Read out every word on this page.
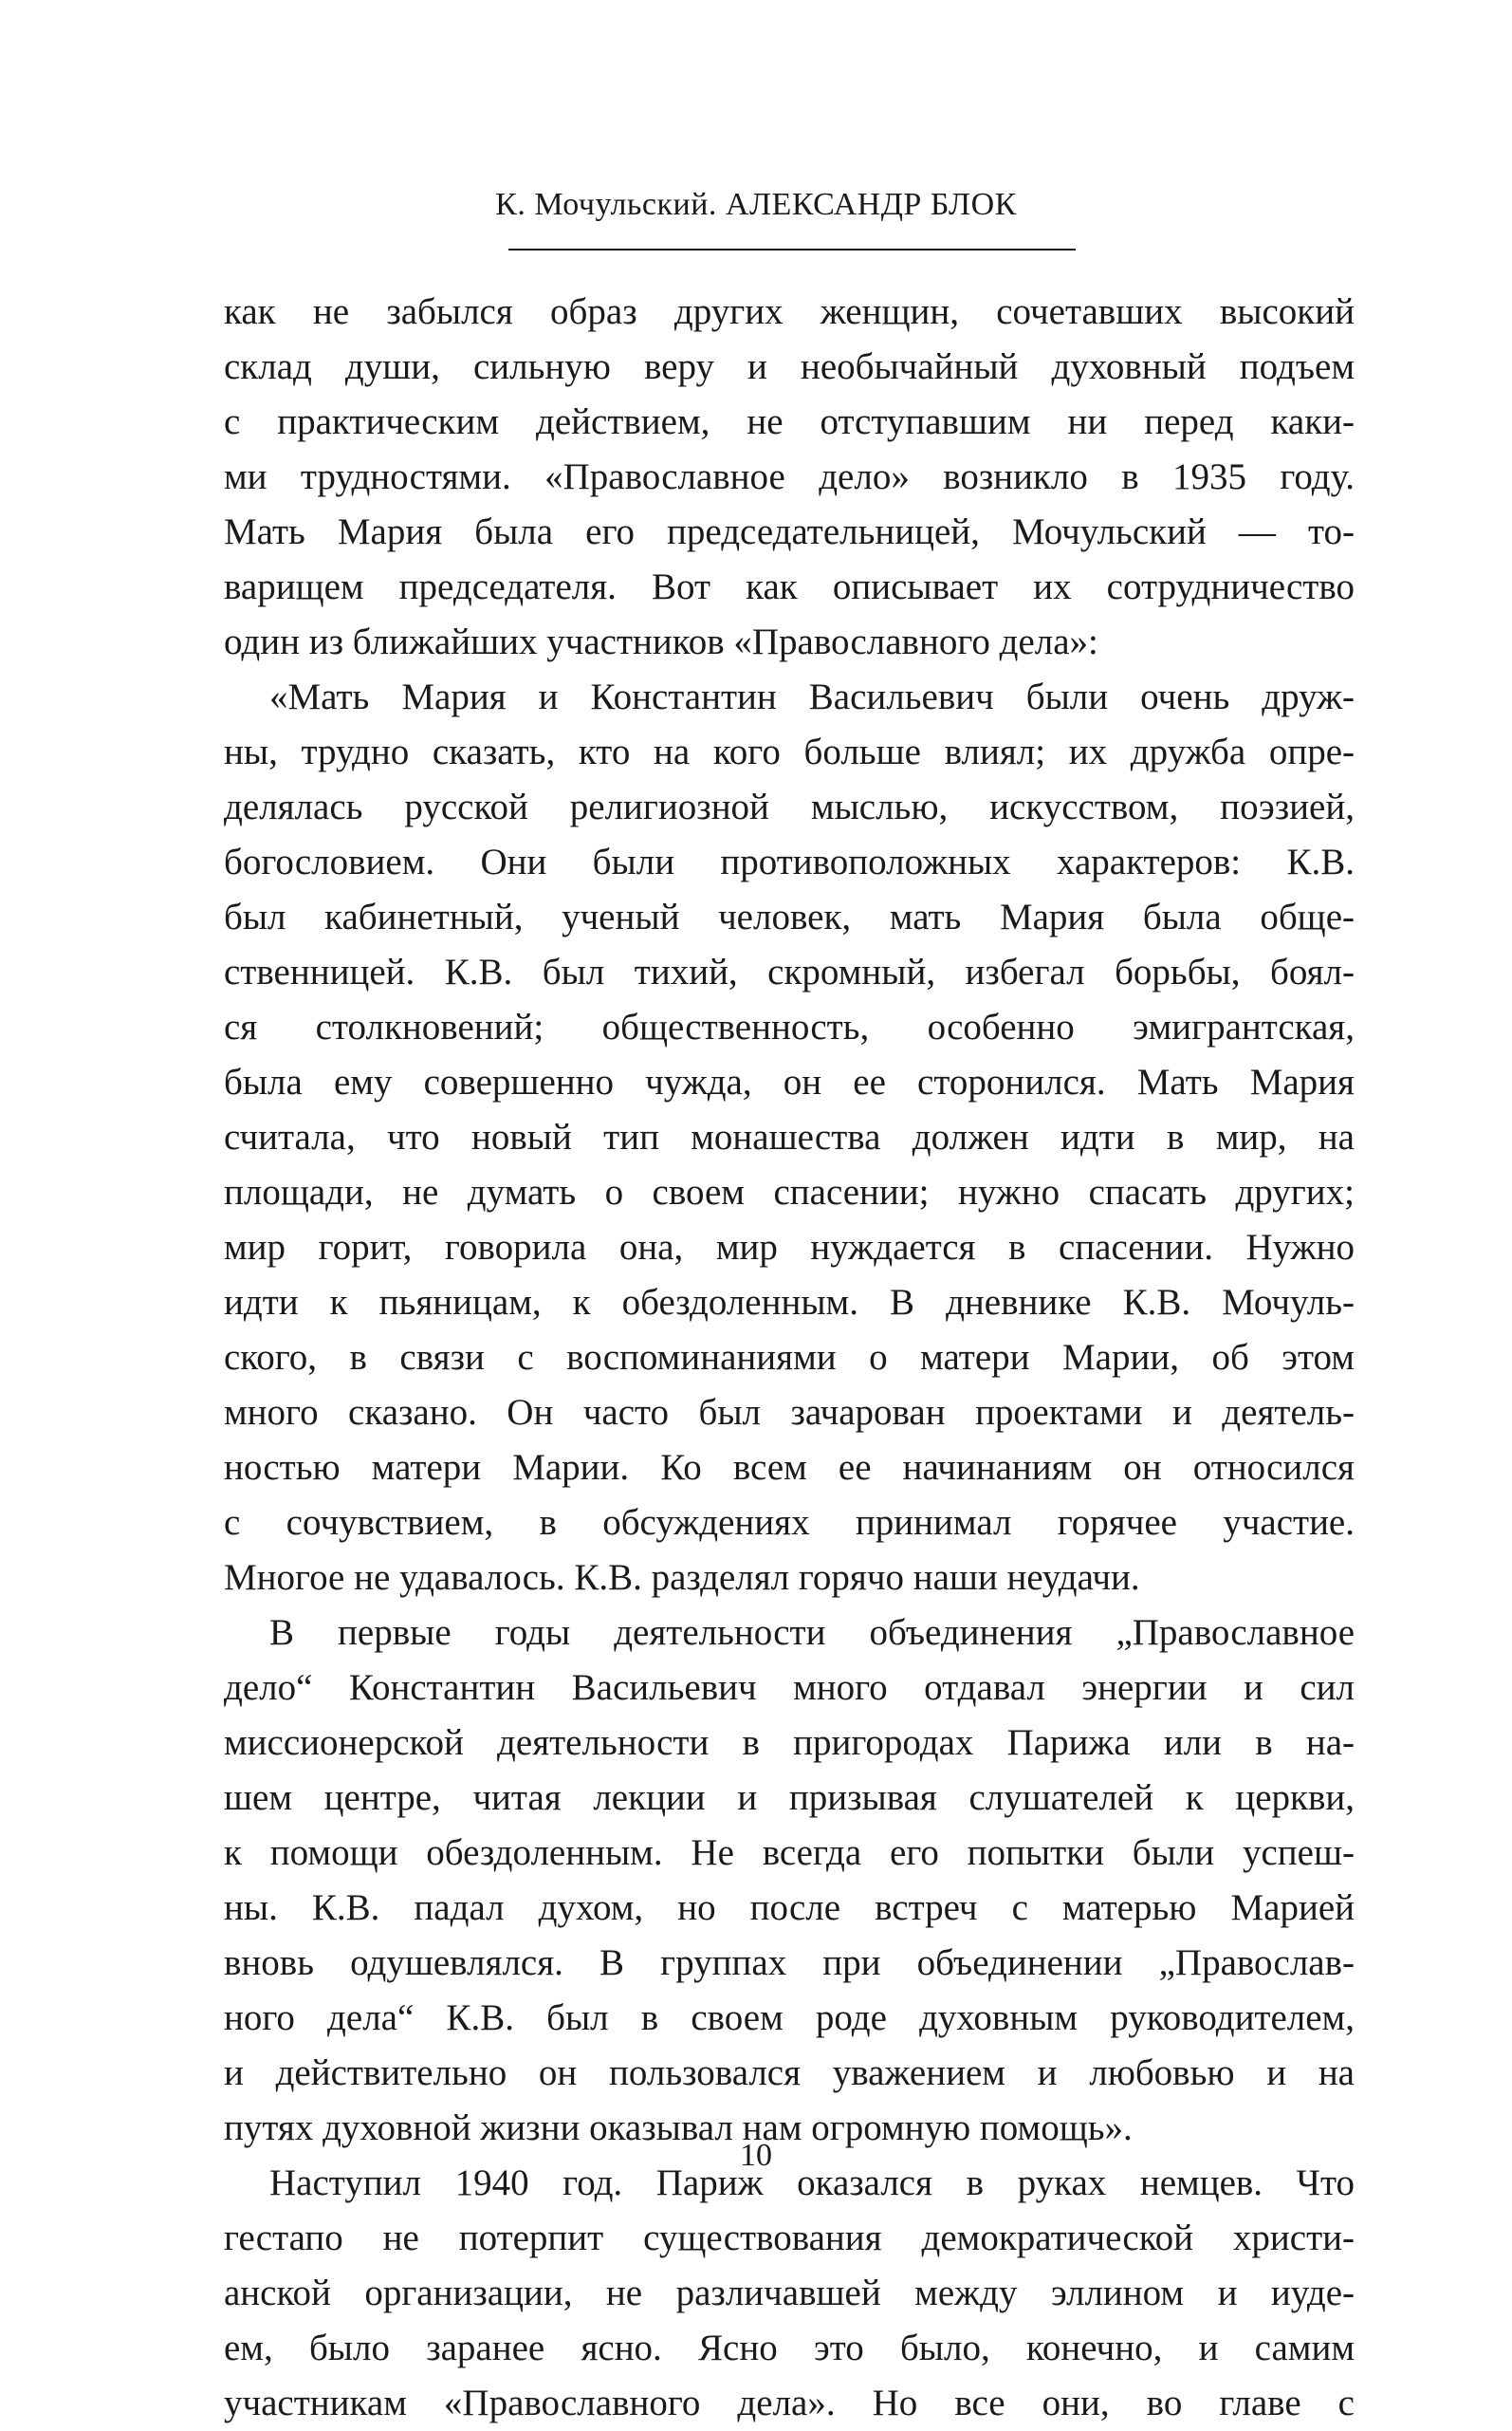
К. Мочульский. АЛЕКСАНДР БЛОК
как не забылся образ других женщин, сочетавших высокий
склад души, сильную веру и необычайный духовный подъем
с практическим действием, не отступавшим ни перед каки-
ми трудностями. «Православное дело» возникло в 1935 году.
Мать Мария была его председательницей, Мочульский — то-
варищем председателя. Вот как описывает их сотрудничество
один из ближайших участников «Православного дела»:
«Мать Мария и Константин Васильевич были очень друж-
ны, трудно сказать, кто на кого больше влиял; их дружба опре-
делялась русской религиозной мыслью, искусством, поэзией,
богословием. Они были противоположных характеров: К.В.
был кабинетный, ученый человек, мать Мария была обще-
ственницей. К.В. был тихий, скромный, избегал борьбы, боял-
ся столкновений; общественность, особенно эмигрантская,
была ему совершенно чужда, он ее сторонился. Мать Мария
считала, что новый тип монашества должен идти в мир, на
площади, не думать о своем спасении; нужно спасать других;
мир горит, говорила она, мир нуждается в спасении. Нужно
идти к пьяницам, к обездоленным. В дневнике К.В. Мочуль-
ского, в связи с воспоминаниями о матери Марии, об этом
много сказано. Он часто был зачарован проектами и деятель-
ностью матери Марии. Ко всем ее начинаниям он относился
с сочувствием, в обсуждениях принимал горячее участие.
Многое не удавалось. К.В. разделял горячо наши неудачи.
В первые годы деятельности объединения „Православное
дело“ Константин Васильевич много отдавал энергии и сил
миссионерской деятельности в пригородах Парижа или в на-
шем центре, читая лекции и призывая слушателей к церкви,
к помощи обездоленным. Не всегда его попытки были успеш-
ны. К.В. падал духом, но после встреч с матерью Марией
вновь одушевлялся. В группах при объединении „Православ-
ного дела“ К.В. был в своем роде духовным руководителем,
и действительно он пользовался уважением и любовью и на
путях духовной жизни оказывал нам огромную помощь».
Наступил 1940 год. Париж оказался в руках немцев. Что
гестапо не потерпит существования демократической христи-
анской организации, не различавшей между эллином и иуде-
ем, было заранее ясно. Ясно это было, конечно, и самим
участникам «Православного дела». Но все они, во главе с
10
